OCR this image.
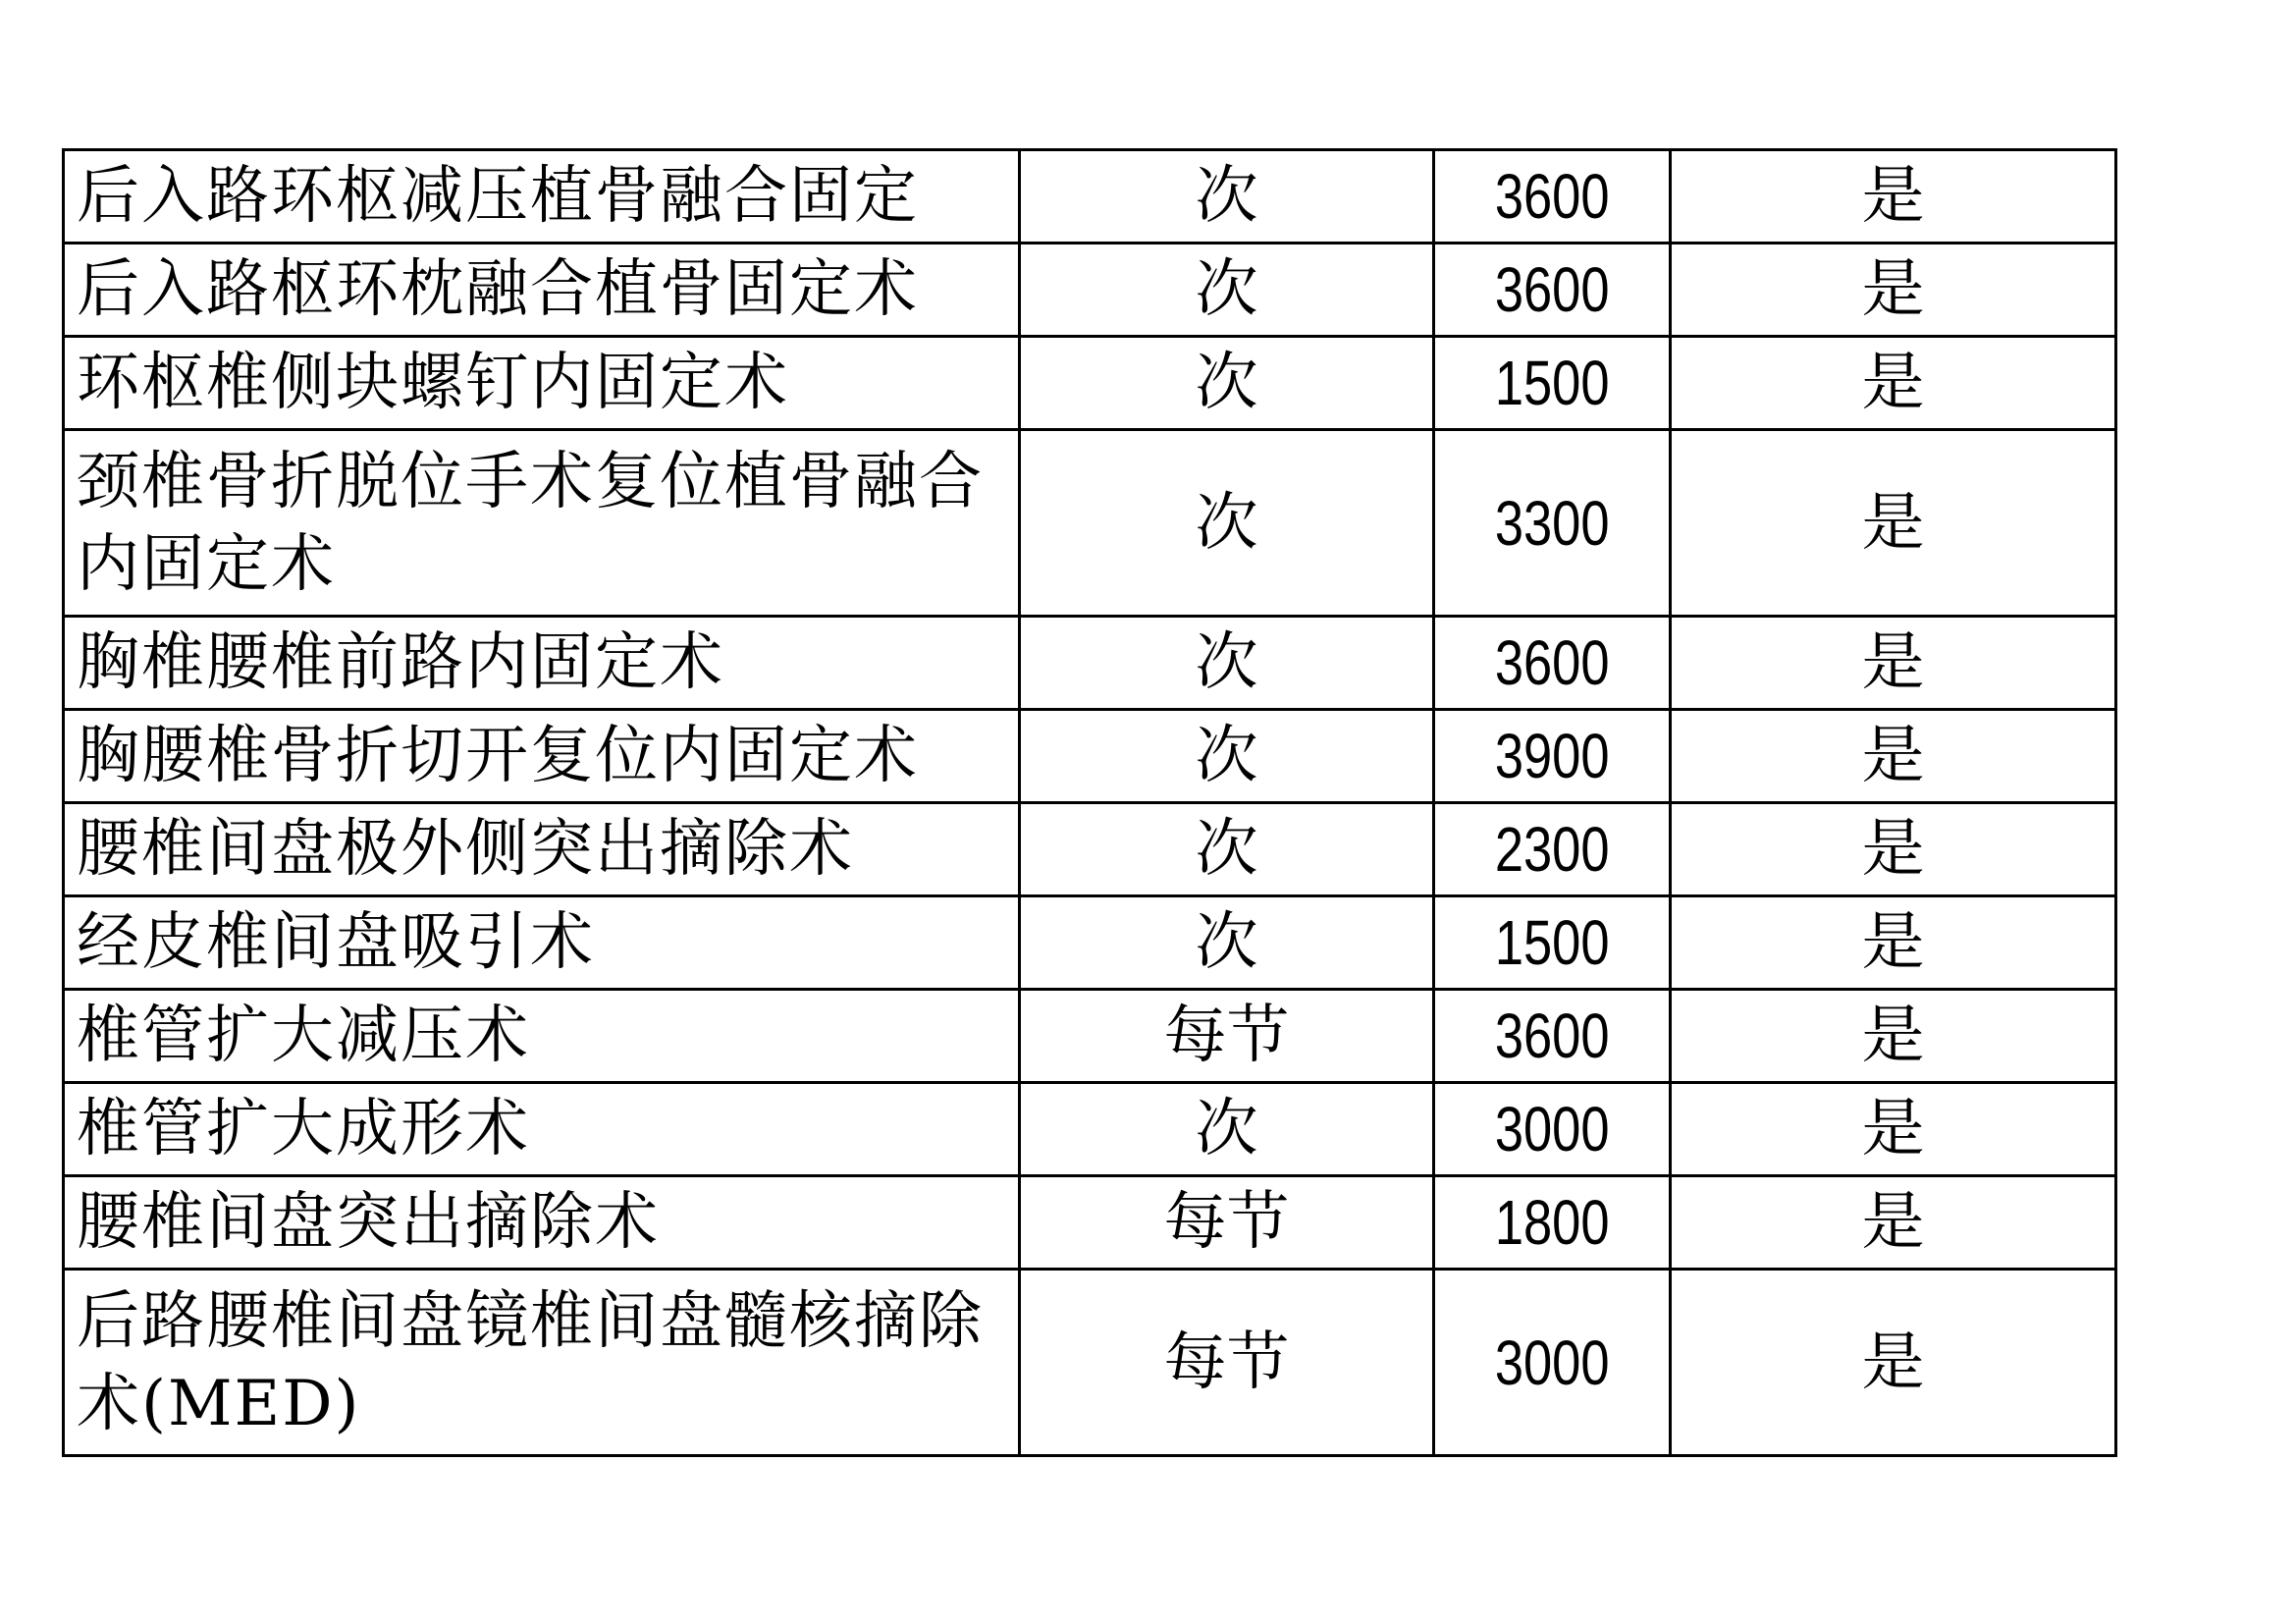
后入路环枢减压植骨融合固定	次	3600	是
后入路枢环枕融合植骨固定术	次	3600	是
环枢椎侧块螺钉内固定术	次	1500	是
颈椎骨折脱位手术复位植骨融合内固定术	次	3300	是
胸椎腰椎前路内固定术	次	3600	是
胸腰椎骨折切开复位内固定术	次	3900	是
腰椎间盘极外侧突出摘除术	次	2300	是
经皮椎间盘吸引术	次	1500	是
椎管扩大减压术	每节	3600	是
椎管扩大成形术	次	3000	是
腰椎间盘突出摘除术	每节	1800	是
后路腰椎间盘镜椎间盘髓核摘除术(MED)	每节	3000	是
